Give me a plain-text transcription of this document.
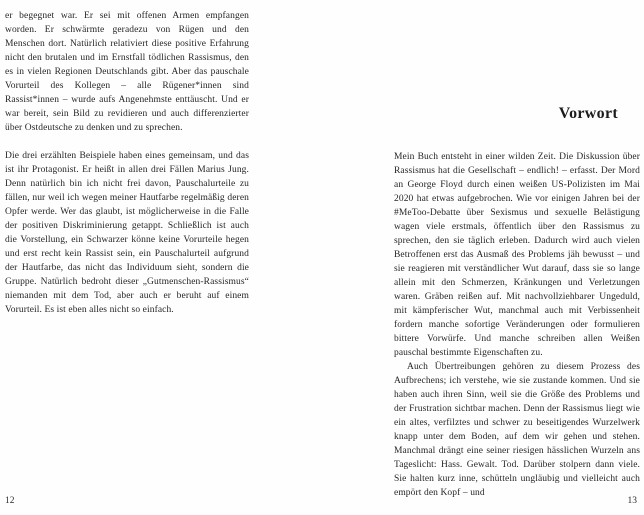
er begegnet war. Er sei mit offenen Armen empfangen worden. Er schwärmte geradezu von Rügen und den Menschen dort. Natürlich relativiert diese positive Erfahrung nicht den brutalen und im Ernstfall tödlichen Rassismus, den es in vielen Regionen Deutschlands gibt. Aber das pauschale Vorurteil des Kollegen – alle Rügener*innen sind Rassist*innen – wurde aufs Angenehmste enttäuscht. Und er war bereit, sein Bild zu revidieren und auch differenzierter über Ostdeutsche zu denken und zu sprechen.

Die drei erzählten Beispiele haben eines gemeinsam, und das ist ihr Protagonist. Er heißt in allen drei Fällen Marius Jung. Denn natürlich bin ich nicht frei davon, Pauschalurteile zu fällen, nur weil ich wegen meiner Hautfarbe regelmäßig deren Opfer werde. Wer das glaubt, ist möglicherweise in die Falle der positiven Diskriminierung getappt. Schließlich ist auch die Vorstellung, ein Schwarzer könne keine Vorurteile hegen und erst recht kein Rassist sein, ein Pauschalurteil aufgrund der Hautfarbe, das nicht das Individuum sieht, sondern die Gruppe. Natürlich bedroht dieser „Gutmenschen-Rassismus“ niemanden mit dem Tod, aber auch er beruht auf einem Vorurteil. Es ist eben alles nicht so einfach.

12
Vorwort

Mein Buch entsteht in einer wilden Zeit. Die Diskussion über Rassismus hat die Gesellschaft – endlich! – erfasst. Der Mord an George Floyd durch einen weißen US-Polizisten im Mai 2020 hat etwas aufgebrochen. Wie vor einigen Jahren bei der #MeToo-Debatte über Sexismus und sexuelle Belästigung wagen viele erstmals, öffentlich über den Rassismus zu sprechen, den sie täglich erleben. Dadurch wird auch vielen Betroffenen erst das Ausmaß des Problems jäh bewusst – und sie reagieren mit verständlicher Wut darauf, dass sie so lange allein mit den Schmerzen, Kränkungen und Verletzungen waren. Gräben reißen auf. Mit nachvollziehbarer Ungeduld, mit kämpferischer Wut, manchmal auch mit Verbissenheit fordern manche sofortige Veränderungen oder formulieren bittere Vorwürfe. Und manche schreiben allen Weißen pauschal bestimmte Eigenschaften zu.

Auch Übertreibungen gehören zu diesem Prozess des Aufbrechens; ich verstehe, wie sie zustande kommen. Und sie haben auch ihren Sinn, weil sie die Größe des Problems und der Frustration sichtbar machen. Denn der Rassismus liegt wie ein altes, verfilztes und schwer zu beseitigendes Wurzelwerk knapp unter dem Boden, auf dem wir gehen und stehen. Manchmal drängt eine seiner riesigen hässlichen Wurzeln ans Tageslicht: Hass. Gewalt. Tod. Darüber stolpern dann viele. Sie halten kurz inne, schütteln ungläubig und vielleicht auch empört den Kopf – und

13
